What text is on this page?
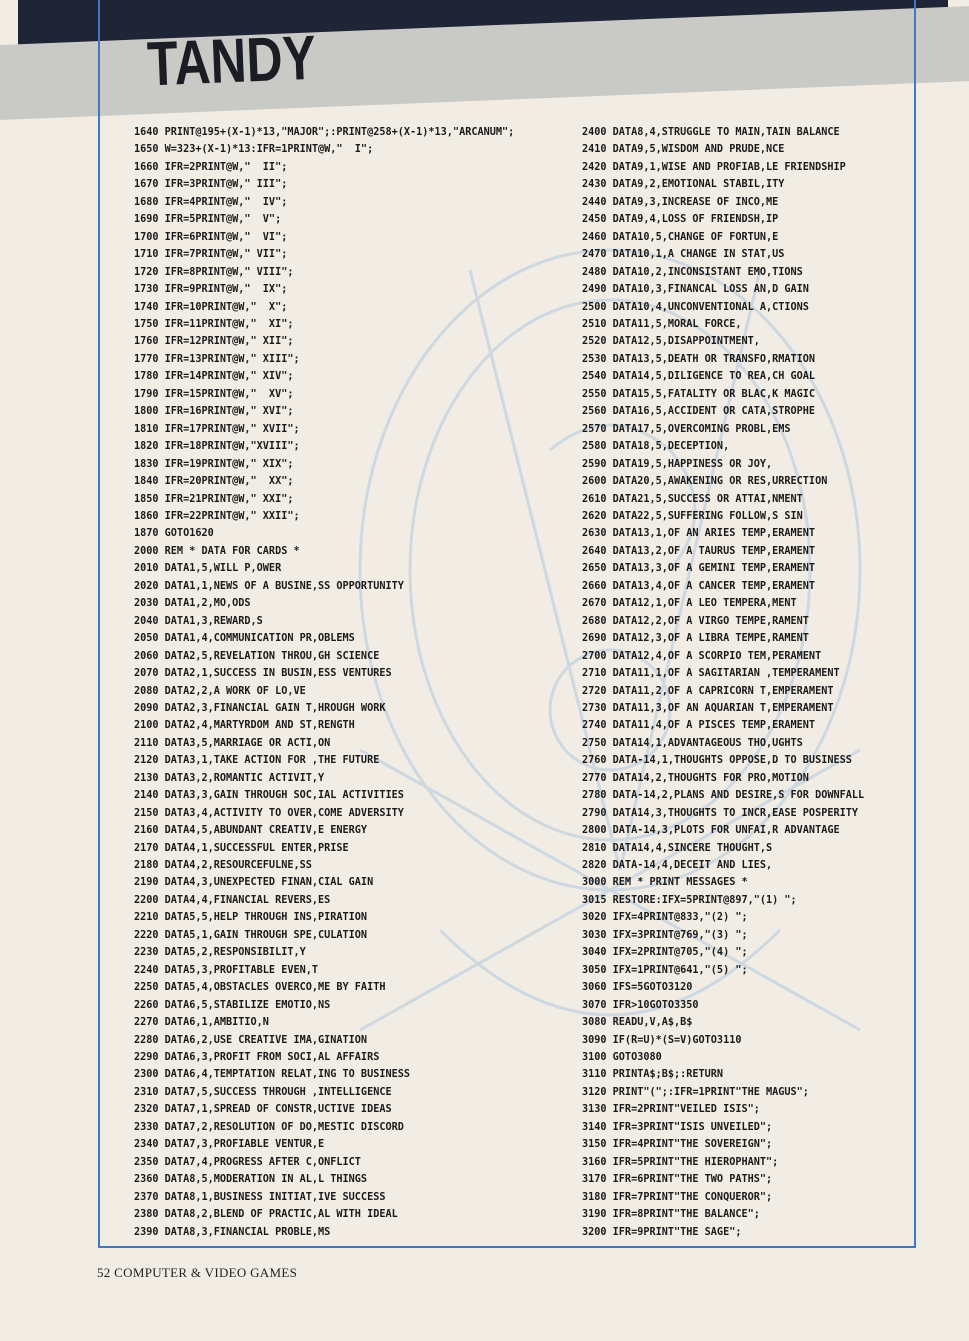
TANDY
1640 PRINT@195+(X-1)*13,"MAJOR";:PRINT@258+(X-1)*13,"ARCANUM";
1650 W=323+(X-1)*13:IFR=1PRINT@W,"  I";
1660 IFR=2PRINT@W,"  II";
1670 IFR=3PRINT@W," III";
1680 IFR=4PRINT@W,"  IV";
1690 IFR=5PRINT@W,"  V";
1700 IFR=6PRINT@W,"  VI";
1710 IFR=7PRINT@W," VII";
1720 IFR=8PRINT@W," VIII";
1730 IFR=9PRINT@W,"  IX";
1740 IFR=10PRINT@W,"  X";
1750 IFR=11PRINT@W,"  XI";
1760 IFR=12PRINT@W," XII";
1770 IFR=13PRINT@W," XIII";
1780 IFR=14PRINT@W," XIV";
1790 IFR=15PRINT@W,"  XV";
1800 IFR=16PRINT@W," XVI";
1810 IFR=17PRINT@W," XVII";
1820 IFR=18PRINT@W,"XVIII";
1830 IFR=19PRINT@W," XIX";
1840 IFR=20PRINT@W,"  XX";
1850 IFR=21PRINT@W," XXI";
1860 IFR=22PRINT@W," XXII";
1870 GOTO1620
2000 REM * DATA FOR CARDS *
2010 DATA1,5,WILL P,OWER
2020 DATA1,1,NEWS OF A BUSINE,SS OPPORTUNITY
2030 DATA1,2,MO,ODS
2040 DATA1,3,REWARD,S
2050 DATA1,4,COMMUNICATION PR,OBLEMS
2060 DATA2,5,REVELATION THROU,GH SCIENCE
2070 DATA2,1,SUCCESS IN BUSIN,ESS VENTURES
2080 DATA2,2,A WORK OF LO,VE
2090 DATA2,3,FINANCIAL GAIN T,HROUGH WORK
2100 DATA2,4,MARTYRDOM AND ST,RENGTH
2110 DATA3,5,MARRIAGE OR ACTI,ON
2120 DATA3,1,TAKE ACTION FOR ,THE FUTURE
2130 DATA3,2,ROMANTIC ACTIVIT,Y
2140 DATA3,3,GAIN THROUGH SOC,IAL ACTIVITIES
2150 DATA3,4,ACTIVITY TO OVER,COME ADVERSITY
2160 DATA4,5,ABUNDANT CREATIV,E ENERGY
2170 DATA4,1,SUCCESSFUL ENTER,PRISE
2180 DATA4,2,RESOURCEFULNE,SS
2190 DATA4,3,UNEXPECTED FINAN,CIAL GAIN
2200 DATA4,4,FINANCIAL REVERS,ES
2210 DATA5,5,HELP THROUGH INS,PIRATION
2220 DATA5,1,GAIN THROUGH SPE,CULATION
2230 DATA5,2,RESPONSIBILIT,Y
2240 DATA5,3,PROFITABLE EVEN,T
2250 DATA5,4,OBSTACLES OVERCO,ME BY FAITH
2260 DATA6,5,STABILIZE EMOTIO,NS
2270 DATA6,1,AMBITIO,N
2280 DATA6,2,USE CREATIVE IMA,GINATION
2290 DATA6,3,PROFIT FROM SOCI,AL AFFAIRS
2300 DATA6,4,TEMPTATION RELAT,ING TO BUSINESS
2310 DATA7,5,SUCCESS THROUGH ,INTELLIGENCE
2320 DATA7,1,SPREAD OF CONSTR,UCTIVE IDEAS
2330 DATA7,2,RESOLUTION OF DO,MESTIC DISCORD
2340 DATA7,3,PROFIABLE VENTUR,E
2350 DATA7,4,PROGRESS AFTER C,ONFLICT
2360 DATA8,5,MODERATION IN AL,L THINGS
2370 DATA8,1,BUSINESS INITIAT,IVE SUCCESS
2380 DATA8,2,BLEND OF PRACTIC,AL WITH IDEAL
2390 DATA8,3,FINANCIAL PROBLE,MS
2400 DATA8,4,STRUGGLE TO MAIN,TAIN BALANCE
2410 DATA9,5,WISDOM AND PRUDE,NCE
2420 DATA9,1,WISE AND PROFIAB,LE FRIENDSHIP
2430 DATA9,2,EMOTIONAL STABIL,ITY
2440 DATA9,3,INCREASE OF INCO,ME
2450 DATA9,4,LOSS OF FRIENDSH,IP
2460 DATA10,5,CHANGE OF FORTUN,E
2470 DATA10,1,A CHANGE IN STAT,US
2480 DATA10,2,INCONSISTANT EMO,TIONS
2490 DATA10,3,FINANCAL LOSS AN,D GAIN
2500 DATA10,4,UNCONVENTIONAL A,CTIONS
2510 DATA11,5,MORAL FORCE,
2520 DATA12,5,DISAPPOINTMENT,
2530 DATA13,5,DEATH OR TRANSFO,RMATION
2540 DATA14,5,DILIGENCE TO REA,CH GOAL
2550 DATA15,5,FATALITY OR BLAC,K MAGIC
2560 DATA16,5,ACCIDENT OR CATA,STROPHE
2570 DATA17,5,OVERCOMING PROBL,EMS
2580 DATA18,5,DECEPTION,
2590 DATA19,5,HAPPINESS OR JOY,
2600 DATA20,5,AWAKENING OR RES,URRECTION
2610 DATA21,5,SUCCESS OR ATTAI,NMENT
2620 DATA22,5,SUFFERING FOLLOW,S SIN
2630 DATA13,1,OF AN ARIES TEMP,ERAMENT
2640 DATA13,2,OF A TAURUS TEMP,ERAMENT
2650 DATA13,3,OF A GEMINI TEMP,ERAMENT
2660 DATA13,4,OF A CANCER TEMP,ERAMENT
2670 DATA12,1,OF A LEO TEMPERA,MENT
2680 DATA12,2,OF A VIRGO TEMPE,RAMENT
2690 DATA12,3,OF A LIBRA TEMPE,RAMENT
2700 DATA12,4,OF A SCORPIO TEM,PERAMENT
2710 DATA11,1,OF A SAGITARIAN ,TEMPERAMENT
2720 DATA11,2,OF A CAPRICORN T,EMPERAMENT
2730 DATA11,3,OF AN AQUARIAN T,EMPERAMENT
2740 DATA11,4,OF A PISCES TEMP,ERAMENT
2750 DATA14,1,ADVANTAGEOUS THO,UGHTS
2760 DATA-14,1,THOUGHTS OPPOSE,D TO BUSINESS
2770 DATA14,2,THOUGHTS FOR PRO,MOTION
2780 DATA-14,2,PLANS AND DESIRE,S FOR DOWNFALL
2790 DATA14,3,THOUGHTS TO INCR,EASE POSPERITY
2800 DATA-14,3,PLOTS FOR UNFAI,R ADVANTAGE
2810 DATA14,4,SINCERE THOUGHT,S
2820 DATA-14,4,DECEIT AND LIES,
3000 REM * PRINT MESSAGES *
3015 RESTORE:IFX=5PRINT@897,"(1) ";
3020 IFX=4PRINT@833,"(2) ";
3030 IFX=3PRINT@769,"(3) ";
3040 IFX=2PRINT@705,"(4) ";
3050 IFX=1PRINT@641,"(5) ";
3060 IFS=5GOTO3120
3070 IFR>10GOTO3350
3080 READU,V,A$,B$
3090 IF(R=U)*(S=V)GOTO3110
3100 GOTO3080
3110 PRINTA$;B$;:RETURN
3120 PRINT"(";:IFR=1PRINT"THE MAGUS";
3130 IFR=2PRINT"VEILED ISIS";
3140 IFR=3PRINT"ISIS UNVEILED";
3150 IFR=4PRINT"THE SOVEREIGN";
3160 IFR=5PRINT"THE HIEROPHANT";
3170 IFR=6PRINT"THE TWO PATHS";
3180 IFR=7PRINT"THE CONQUEROR";
3190 IFR=8PRINT"THE BALANCE";
3200 IFR=9PRINT"THE SAGE";
52 COMPUTER & VIDEO GAMES
